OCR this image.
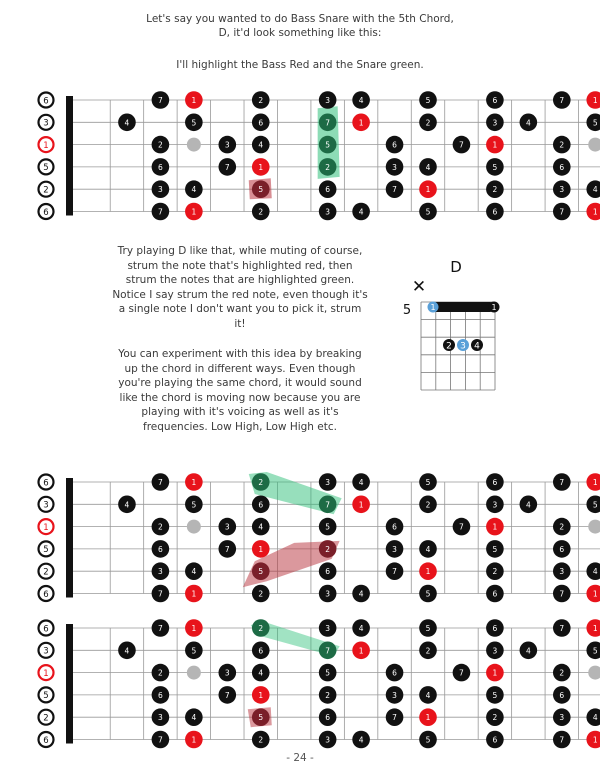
Let's say you wanted to do Bass Snare with the 5th Chord,

D, it'd look something like this:

I'll highlight the Bass Red and the Snare green.

6
3
1
5
2
6
4
7
2
6
3
7
1
5
4
1
3
7
2
6
4
1
5
2
3
7
5
2
6
3
4
1
4
6
3
7
5
2
4
1
5
7
6
3
1
5
2
6
4
7
2
6
3
7
1
5
4
1

Try playing D like that, while muting of course,

strum the note that's highlighted red, then

strum the notes that are highlighted green.

Notice I say strum the red note, even though it's

a single note I don't want you to pick it, strum

it!

You can experiment with this idea by breaking

up the chord in different ways. Even though

you're playing the same chord, it would sound

like the chord is moving now because you are

playing with it's voicing as well as it's

frequencies. Low High, Low High etc.

D
✕
5 1	1
2 3 4
6
3
1
5
2
6
4
7
2
6
3
7
1
5
4
1
3
7
2
6
4
1
5
2
3
7
5
2
6
3
4
1
4
6
3
7
5
2
4
1
5
7
6
3
1
5
2
6
4
7
2
6
3
7
1
5
4
1
6
3
1
5
2
6
4
7
2
6
3
7
1
5
4
1
3
7
2
6
4
1
5
2
3
7
5
2
6
3
4
1
4
6
3
7
5
2
4
1
5
7
6
3
1
5
2
6
4
7
2
6
3
7
1
5
4
1
- 24 -
